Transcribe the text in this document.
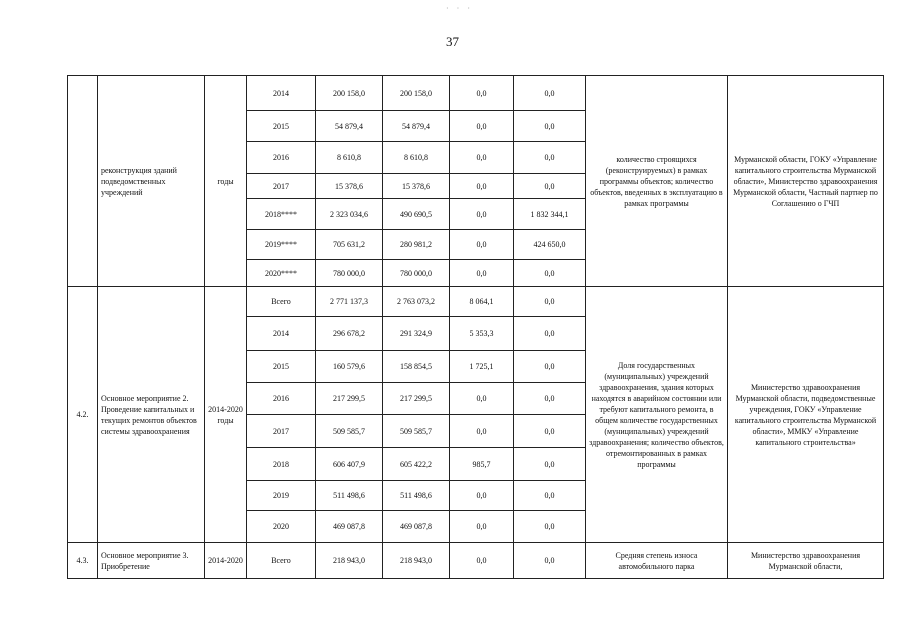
· · ·
37
	реконструкция зданий подведомственных учреждений	годы	2014	200 158,0	200 158,0	0,0	0,0	количество строящихся (реконструируемых) в рамках программы объектов; количество объектов, введенных в эксплуатацию в рамках программы	Мурманской области, ГОКУ «Управление капитального строительства Мурманской области», Министерство здравоохранения Мурманской области, Частный партнер по Соглашению о ГЧП
			2015	54 879,4	54 879,4	0,0	0,0		
			2016	8 610,8	8 610,8	0,0	0,0		
			2017	15 378,6	15 378,6	0,0	0,0		
			2018****	2 323 034,6	490 690,5	0,0	1 832 344,1		
			2019****	705 631,2	280 981,2	0,0	424 650,0		
			2020****	780 000,0	780 000,0	0,0	0,0		
4.2.	Основное мероприятие 2. Проведение капитальных и текущих ремонтов объектов системы здравоохранения	2014-2020 годы	Всего	2 771 137,3	2 763 073,2	8 064,1	0,0	Доля государственных (муниципальных) учреждений здравоохранения, здания которых находятся в аварийном состоянии или требуют капитального ремонта, в общем количестве государственных (муниципальных) учреждений здравоохранения; количество объектов, отремонтированных в рамках программы	Министерство здравоохранения Мурманской области, подведомственные учреждения, ГОКУ «Управление капитального строительства Мурманской области», ММКУ «Управление капитального строительства»
			2014	296 678,2	291 324,9	5 353,3	0,0		
			2015	160 579,6	158 854,5	1 725,1	0,0		
			2016	217 299,5	217 299,5	0,0	0,0		
			2017	509 585,7	509 585,7	0,0	0,0		
			2018	606 407,9	605 422,2	985,7	0,0		
			2019	511 498,6	511 498,6	0,0	0,0		
			2020	469 087,8	469 087,8	0,0	0,0		
4.3.	Основное мероприятие 3. Приобретение	2014-2020	Всего	218 943,0	218 943,0	0,0	0,0	Средняя степень износа автомобильного парка	Министерство здравоохранения Мурманской области,
